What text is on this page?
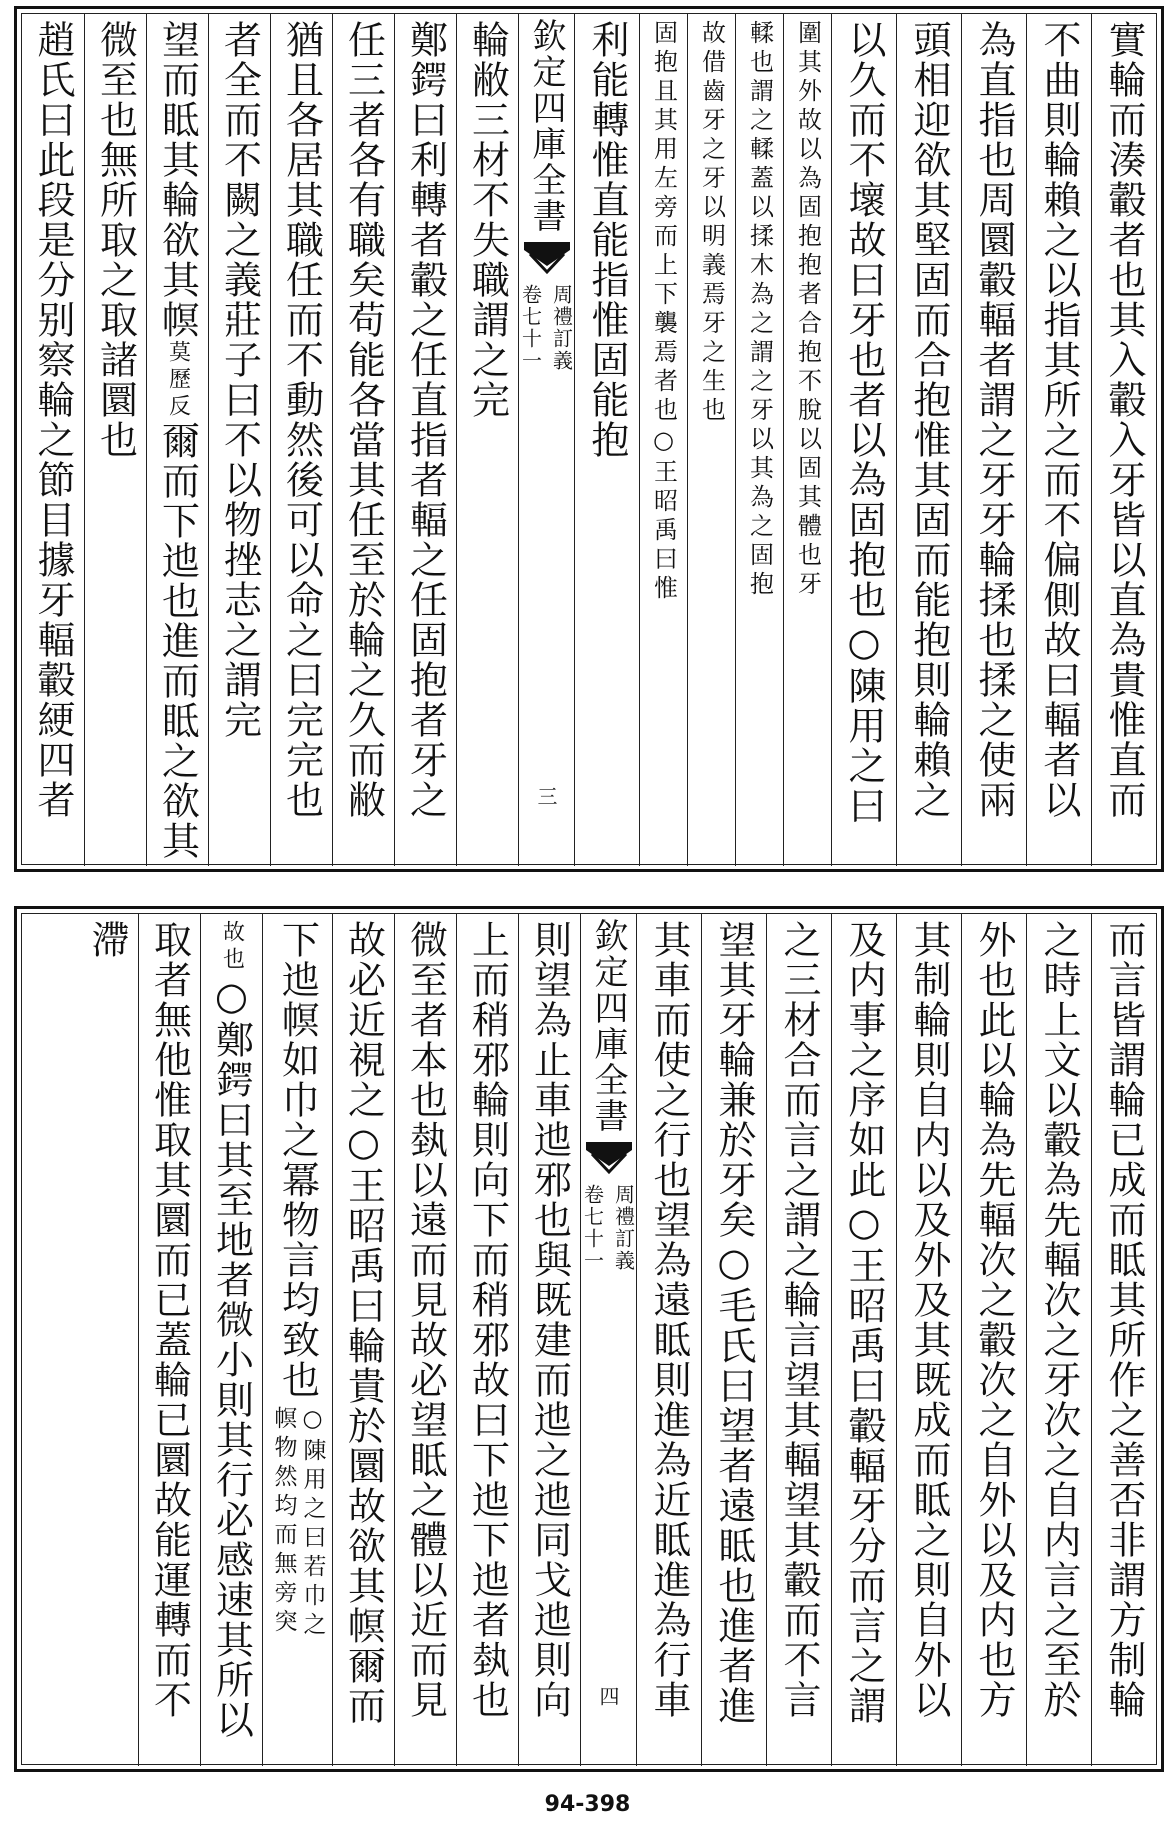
實輪而湊轂者也其入轂入牙皆以直為貴惟直而
不曲則輪賴之以指其所之而不偏側故曰輻者以
為直指也周圜轂輻者謂之牙牙輪揉也揉之使兩
頭相迎欲其堅固而合抱惟其固而能抱則輪賴之
以久而不壞故曰牙也者以為固抱也○陳用之曰
圍其外故以為固抱抱者合抱不脫以固其體也牙
輮也謂之輮蓋以揉木為之謂之牙以其為之固抱
故借齒牙之牙以明義焉牙之生也
固抱且其用左旁而上下襲焉者也○王昭禹曰惟
利能轉惟直能指惟固能抱
欽定四庫全書
周禮訂義
卷七十一
三
輪敝三材不失職謂之完
鄭鍔曰利轉者轂之任直指者輻之任固抱者牙之
任三者各有職矣苟能各當其任至於輪之久而敝
猶且各居其職任而不動然後可以命之曰完完也
者全而不闕之義莊子曰不以物挫志之謂完
望而眡其輪欲其幎
莫歷反
爾而下迆也進而眡之欲其
微至也無所取之取諸圜也
趙氏曰此段是分别察輪之節目據牙輻轂綆四者
而言皆謂輪已成而眡其所作之善否非謂方制輪
之時上文以轂為先輻次之牙次之自内言之至於
外也此以輪為先輻次之轂次之自外以及内也方
其制輪則自内以及外及其既成而眡之則自外以
及内事之序如此○王昭禹曰轂輻牙分而言之謂
之三材合而言之謂之輪言望其輻望其轂而不言
望其牙輪兼於牙矣○毛氏曰望者遠眡也進者進
其車而使之行也望為遠眡則進為近眡進為行車
欽定四庫全書
周禮訂義
卷七十一
四
則望為止車迆邪也與既建而迆之迆同戈迆則向
上而稍邪輪則向下而稍邪故曰下迆下迆者埶也
微至者本也埶以遠而見故必望眡之體以近而見
故必近視之○王昭禹曰輪貴於圜故欲其幎爾而
下迆幎如巾之冪物言均致也
○陳用之曰若巾之
幎物然均而無旁突
故也
○鄭鍔曰其至地者微小則其行必感速其所以
取者無他惟取其圜而已蓋輪已圜故能運轉而不
滯
94-398
